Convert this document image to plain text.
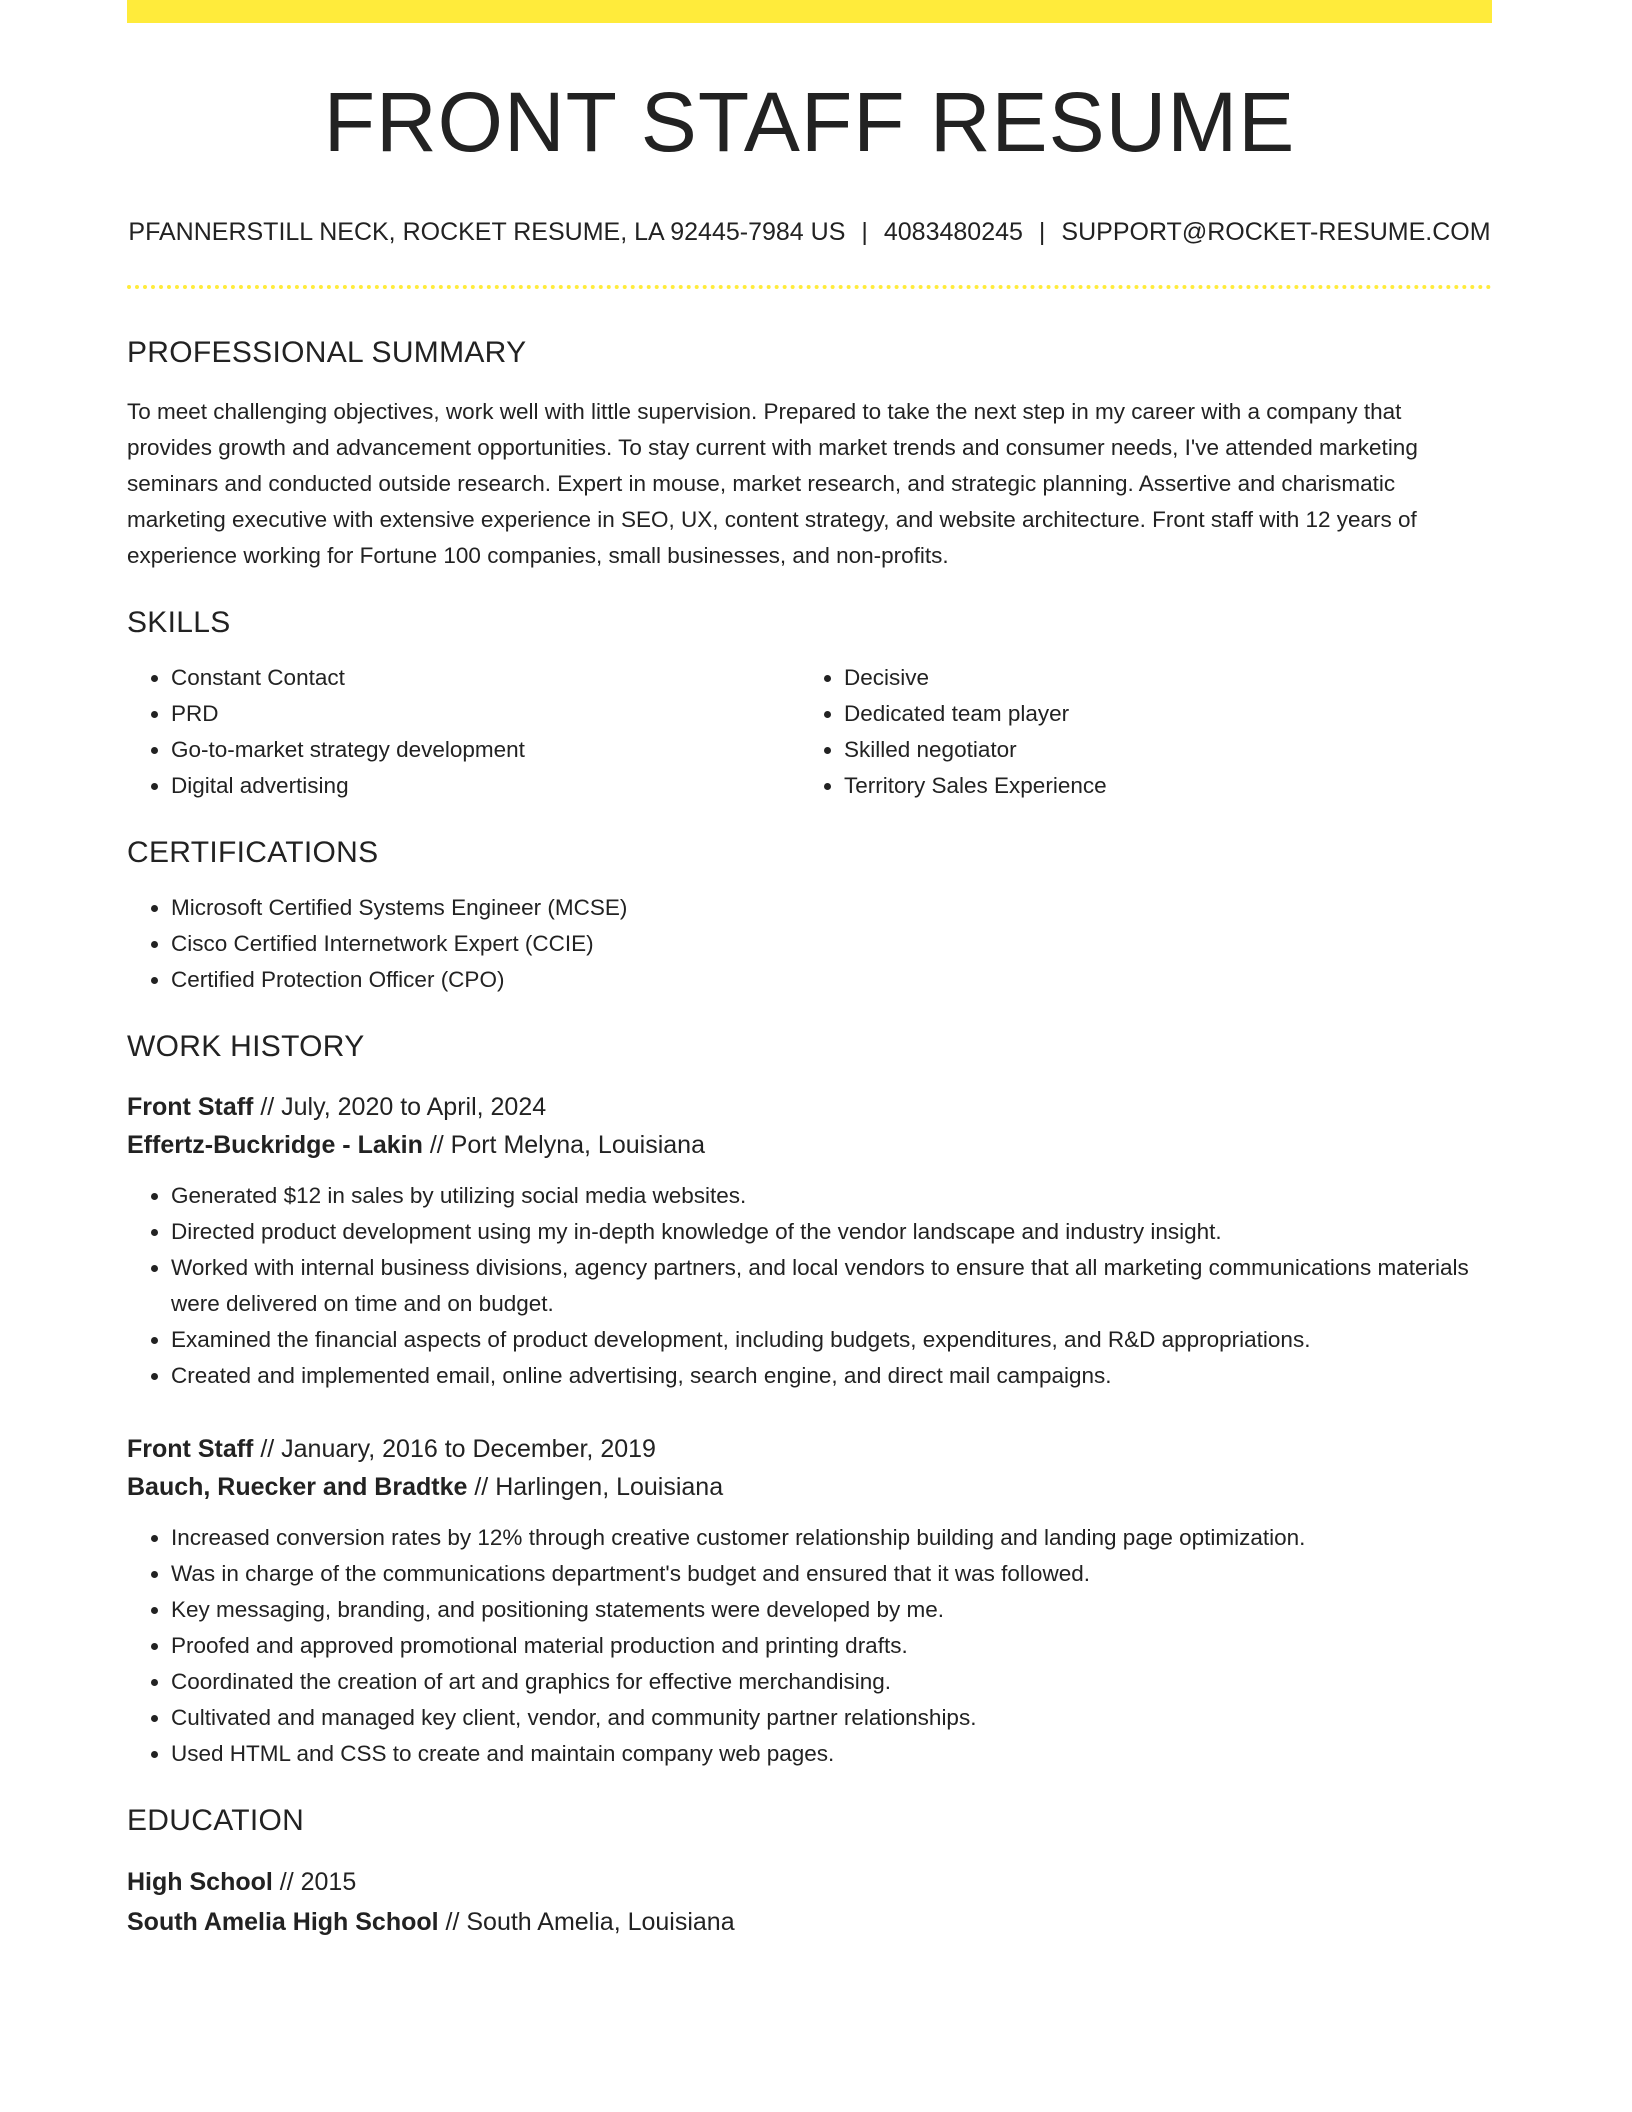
FRONT STAFF RESUME
PFANNERSTILL NECK, ROCKET RESUME, LA 92445-7984 US | 4083480245 | SUPPORT@ROCKET-RESUME.COM
PROFESSIONAL SUMMARY
To meet challenging objectives, work well with little supervision. Prepared to take the next step in my career with a company that provides growth and advancement opportunities. To stay current with market trends and consumer needs, I've attended marketing seminars and conducted outside research. Expert in mouse, market research, and strategic planning. Assertive and charismatic marketing executive with extensive experience in SEO, UX, content strategy, and website architecture. Front staff with 12 years of experience working for Fortune 100 companies, small businesses, and non-profits.
SKILLS
• Constant Contact
• PRD
• Go-to-market strategy development
• Digital advertising
• Decisive
• Dedicated team player
• Skilled negotiator
• Territory Sales Experience
CERTIFICATIONS
• Microsoft Certified Systems Engineer (MCSE)
• Cisco Certified Internetwork Expert (CCIE)
• Certified Protection Officer (CPO)
WORK HISTORY
Front Staff // July, 2020 to April, 2024
Effertz-Buckridge - Lakin // Port Melyna, Louisiana
• Generated $12 in sales by utilizing social media websites.
• Directed product development using my in-depth knowledge of the vendor landscape and industry insight.
• Worked with internal business divisions, agency partners, and local vendors to ensure that all marketing communications materials were delivered on time and on budget.
• Examined the financial aspects of product development, including budgets, expenditures, and R&D appropriations.
• Created and implemented email, online advertising, search engine, and direct mail campaigns.
Front Staff // January, 2016 to December, 2019
Bauch, Ruecker and Bradtke // Harlingen, Louisiana
• Increased conversion rates by 12% through creative customer relationship building and landing page optimization.
• Was in charge of the communications department's budget and ensured that it was followed.
• Key messaging, branding, and positioning statements were developed by me.
• Proofed and approved promotional material production and printing drafts.
• Coordinated the creation of art and graphics for effective merchandising.
• Cultivated and managed key client, vendor, and community partner relationships.
• Used HTML and CSS to create and maintain company web pages.
EDUCATION
High School // 2015
South Amelia High School // South Amelia, Louisiana
